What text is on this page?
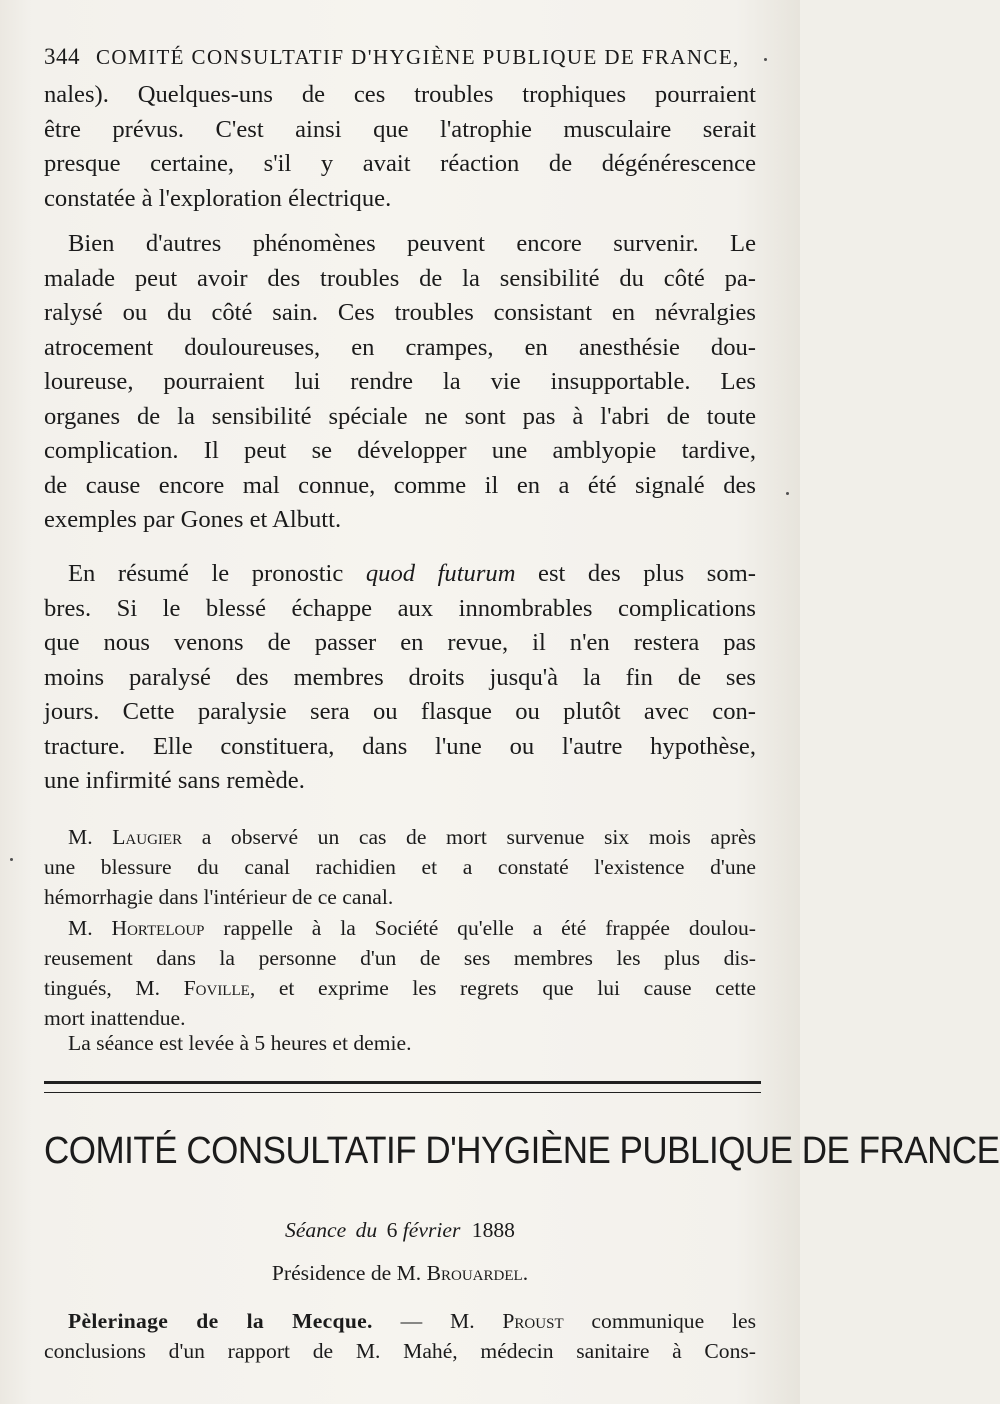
344 COMITÉ CONSULTATIF D'HYGIÈNE PUBLIQUE DE FRANCE,
nales). Quelques-uns de ces troubles trophiques pourraient
être prévus. C'est ainsi que l'atrophie musculaire serait
presque certaine, s'il y avait réaction de dégénérescence
constatée à l'exploration électrique.
Bien d'autres phénomènes peuvent encore survenir. Le
malade peut avoir des troubles de la sensibilité du côté pa-
ralysé ou du côté sain. Ces troubles consistant en névralgies
atrocement douloureuses, en crampes, en anesthésie dou-
loureuse, pourraient lui rendre la vie insupportable. Les
organes de la sensibilité spéciale ne sont pas à l'abri de toute
complication. Il peut se développer une amblyopie tardive,
de cause encore mal connue, comme il en a été signalé des
exemples par Gones et Albutt.
En résumé le pronostic quod futurum est des plus som-
bres. Si le blessé échappe aux innombrables complications
que nous venons de passer en revue, il n'en restera pas
moins paralysé des membres droits jusqu'à la fin de ses
jours. Cette paralysie sera ou flasque ou plutôt avec con-
tracture. Elle constituera, dans l'une ou l'autre hypothèse,
une infirmité sans remède.
M. Laugier a observé un cas de mort survenue six mois après
une blessure du canal rachidien et a constaté l'existence d'une
hémorrhagie dans l'intérieur de ce canal.
M. Horteloup rappelle à la Société qu'elle a été frappée doulou-
reusement dans la personne d'un de ses membres les plus dis-
tingués, M. Foville, et exprime les regrets que lui cause cette
mort inattendue.
La séance est levée à 5 heures et demie.
COMITÉ CONSULTATIF D'HYGIÈNE PUBLIQUE DE FRANCE
Séance du 6 février 1888
Présidence de M. Brouardel.
Pèlerinage de la Mecque. — M. Proust communique les
conclusions d'un rapport de M. Mahé, médecin sanitaire à Cons-
